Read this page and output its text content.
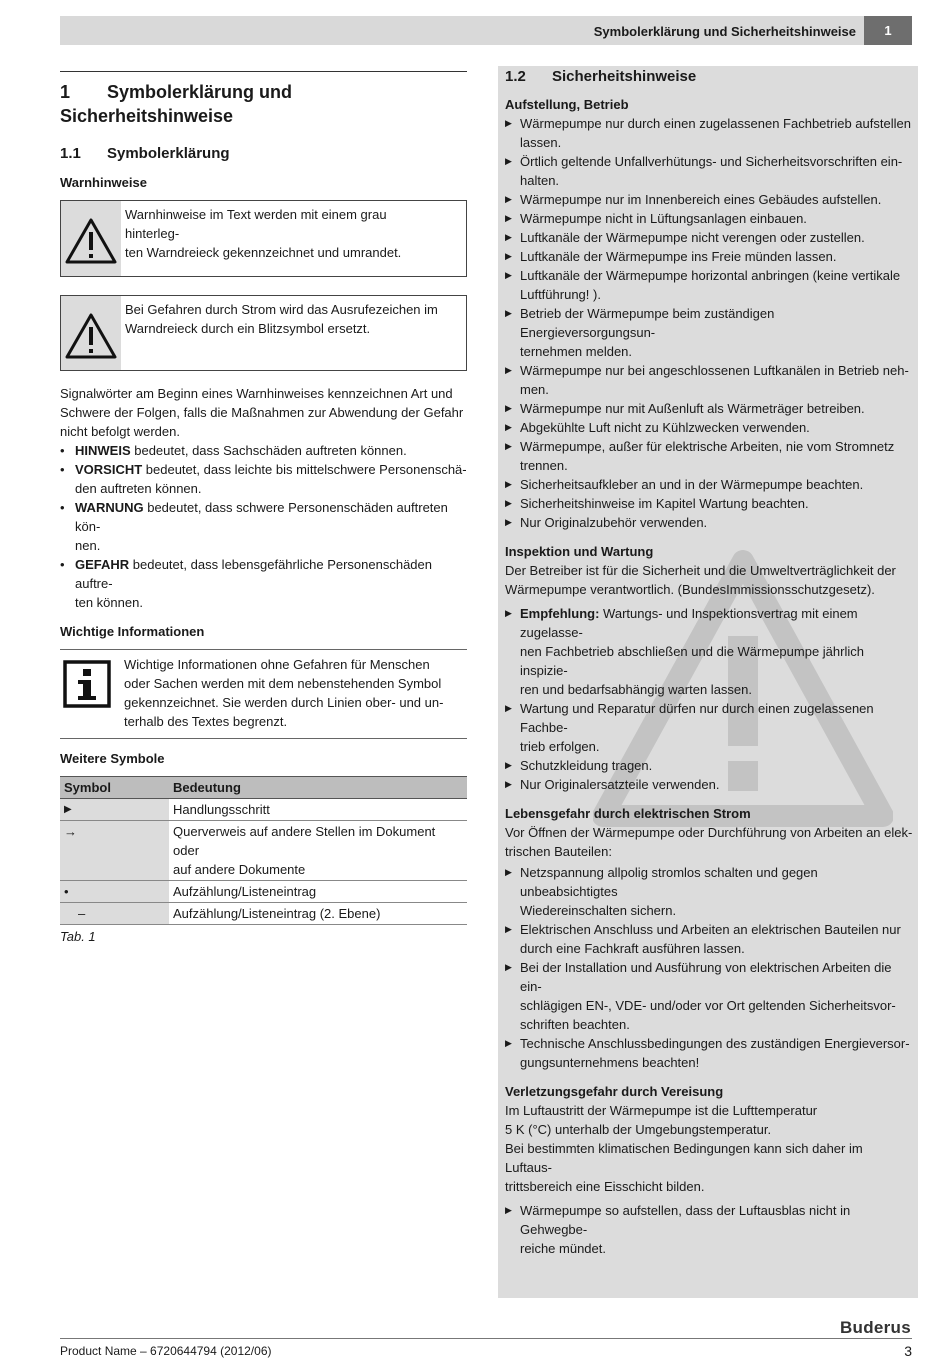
Symbolerklärung und Sicherheitshinweise	1
1 Symbolerklärung und Sicherheitshinweise
1.1 Symbolerklärung
Warnhinweise
Warnhinweise im Text werden mit einem grau hinterleg-
ten Warndreieck gekennzeichnet und umrandet.
Bei Gefahren durch Strom wird das Ausrufezeichen im
Warndreieck durch ein Blitzsymbol ersetzt.
Signalwörter am Beginn eines Warnhinweises kennzeichnen Art und
Schwere der Folgen, falls die Maßnahmen zur Abwendung der Gefahr
nicht befolgt werden.
• HINWEIS bedeutet, dass Sachschäden auftreten können.
• VORSICHT bedeutet, dass leichte bis mittelschwere Personenschä-
den auftreten können.
• WARNUNG bedeutet, dass schwere Personenschäden auftreten kön-
nen.
• GEFAHR bedeutet, dass lebensgefährliche Personenschäden auftre-
ten können.
Wichtige Informationen
Wichtige Informationen ohne Gefahren für Menschen
oder Sachen werden mit dem nebenstehenden Symbol
gekennzeichnet. Sie werden durch Linien ober- und un-
terhalb des Textes begrenzt.
Weitere Symbole
Symbol	Bedeutung
▶	Handlungsschritt
→	Querverweis auf andere Stellen im Dokument oder
auf andere Dokumente
•	Aufzählung/Listeneintrag
–	Aufzählung/Listeneintrag (2. Ebene)
Tab. 1
1.2 Sicherheitshinweise
Aufstellung, Betrieb
▶ Wärmepumpe nur durch einen zugelassenen Fachbetrieb aufstellen
lassen.
▶ Örtlich geltende Unfallverhütungs- und Sicherheitsvorschriften ein-
halten.
▶ Wärmepumpe nur im Innenbereich eines Gebäudes aufstellen.
▶ Wärmepumpe nicht in Lüftungsanlagen einbauen.
▶ Luftkanäle der Wärmepumpe nicht verengen oder zustellen.
▶ Luftkanäle der Wärmepumpe ins Freie münden lassen.
▶ Luftkanäle der Wärmepumpe horizontal anbringen (keine vertikale
Luftführung! ).
▶ Betrieb der Wärmepumpe beim zuständigen Energieversorgungsun-
ternehmen melden.
▶ Wärmepumpe nur bei angeschlossenen Luftkanälen in Betrieb neh-
men.
▶ Wärmepumpe nur mit Außenluft als Wärmeträger betreiben.
▶ Abgekühlte Luft nicht zu Kühlzwecken verwenden.
▶ Wärmepumpe, außer für elektrische Arbeiten, nie vom Stromnetz
trennen.
▶ Sicherheitsaufkleber an und in der Wärmepumpe beachten.
▶ Sicherheitshinweise im Kapitel Wartung beachten.
▶ Nur Originalzubehör verwenden.
Inspektion und Wartung
Der Betreiber ist für die Sicherheit und die Umweltverträglichkeit der
Wärmepumpe verantwortlich. (BundesImmissionsschutzgesetz).
▶ Empfehlung: Wartungs- und Inspektionsvertrag mit einem zugelasse-
nen Fachbetrieb abschließen und die Wärmepumpe jährlich inspizie-
ren und bedarfsabhängig warten lassen.
▶ Wartung und Reparatur dürfen nur durch einen zugelassenen Fachbe-
trieb erfolgen.
▶ Schutzkleidung tragen.
▶ Nur Originalersatzteile verwenden.
Lebensgefahr durch elektrischen Strom
Vor Öffnen der Wärmepumpe oder Durchführung von Arbeiten an elek-
trischen Bauteilen:
▶ Netzspannung allpolig stromlos schalten und gegen unbeabsichtigtes
Wiedereinschalten sichern.
▶ Elektrischen Anschluss und Arbeiten an elektrischen Bauteilen nur
durch eine Fachkraft ausführen lassen.
▶ Bei der Installation und Ausführung von elektrischen Arbeiten die ein-
schlägigen EN-, VDE- und/oder vor Ort geltenden Sicherheitsvor-
schriften beachten.
▶ Technische Anschlussbedingungen des zuständigen Energieversor-
gungsunternehmens beachten!
Verletzungsgefahr durch Vereisung
Im Luftaustritt der Wärmepumpe ist die Lufttemperatur
5 K (°C) unterhalb der Umgebungstemperatur.
Bei bestimmten klimatischen Bedingungen kann sich daher im Luftaus-
trittsbereich eine Eisschicht bilden.
▶ Wärmepumpe so aufstellen, dass der Luftausblas nicht in Gehwegbe-
reiche mündet.
Buderus
Product Name – 6720644794 (2012/06)	3
